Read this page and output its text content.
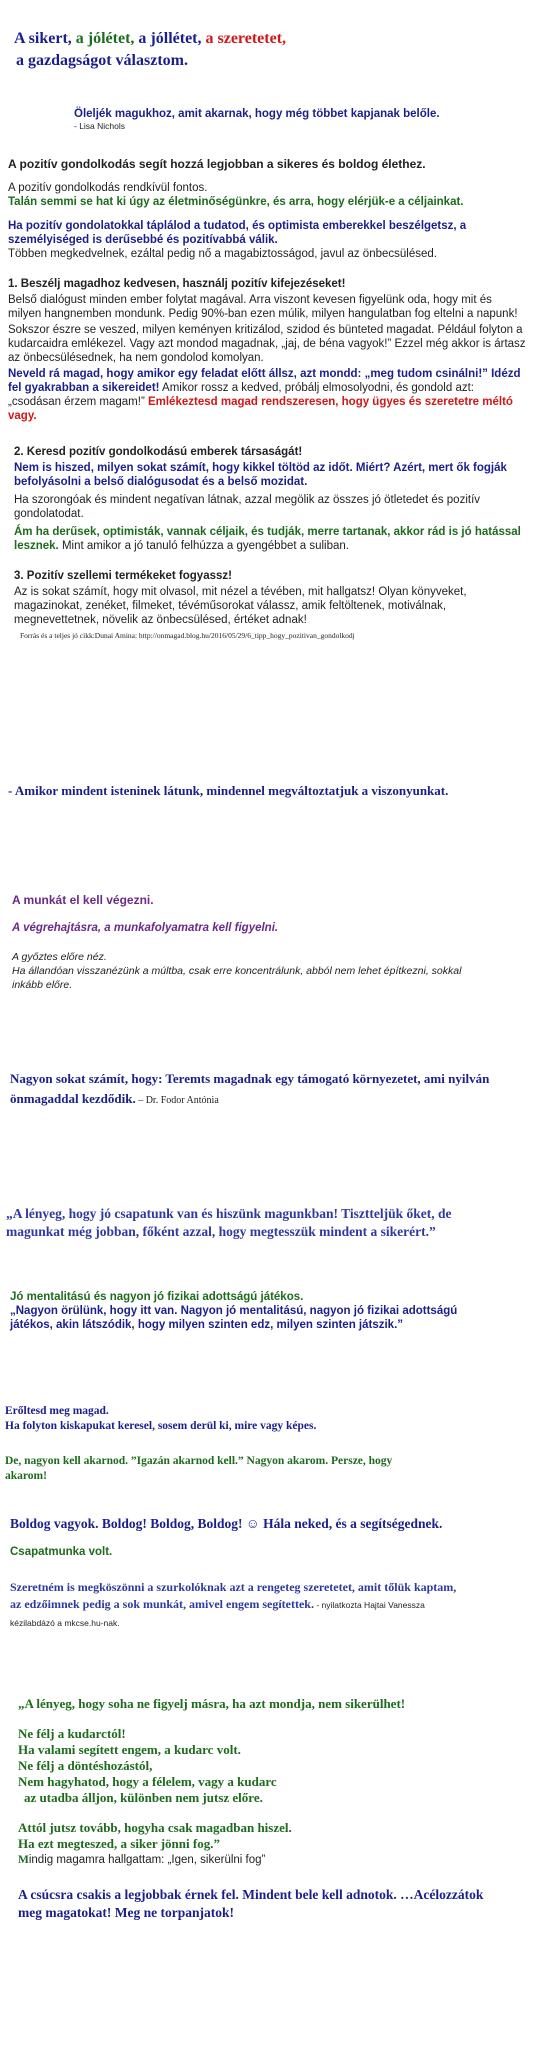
A sikert, a jólétet, a jóllétet, a szeretetet,

a gazdagságot választom.

Öleljék magukhoz, amit akarnak, hogy még többet kapjanak belőle.

- Lisa Nichols

A pozitív gondolkodás segít hozzá legjobban a sikeres és boldog élethez.

A pozitív gondolkodás rendkívül fontos.

Talán semmi se hat ki úgy az életminőségünkre, és arra, hogy elérjük-e a céljainkat.

Ha pozitív gondolatokkal táplálod a tudatod, és optimista emberekkel beszélgetsz, a személyiséged is derűsebbé és pozitívabbá válik.

Többen megkedvelnek, ezáltal pedig nő a magabiztosságod, javul az önbecsülésed.

1. Beszélj magadhoz kedvesen, használj pozitív kifejezéseket!

Belső dialógust minden ember folytat magával. Arra viszont kevesen figyelünk oda, hogy mit és milyen hangnemben mondunk. Pedig 90%-ban ezen múlik, milyen hangulatban fog eltelni a napunk!

Sokszor észre se veszed, milyen keményen kritizálod, szidod és bünteted magadat. Például folyton a kudarcaidra emlékezel. Vagy azt mondod magadnak, „jaj, de béna vagyok!” Ezzel még akkor is ártasz az önbecsülésednek, ha nem gondolod komolyan.

Neveld rá magad, hogy amikor egy feladat előtt állsz, azt mondd: „meg tudom csinálni!” Idézd fel gyakrabban a sikereidet! Amikor rossz a kedved, próbálj elmosolyodni, és gondold azt: „csodásan érzem magam!” Emlékeztesd magad rendszeresen, hogy ügyes és szeretetre méltó vagy.

2. Keresd pozitív gondolkodású emberek társaságát!

Nem is hiszed, milyen sokat számít, hogy kikkel töltöd az időt. Miért? Azért, mert ők fogják befolyásolni a belső dialógusodat és a belső mozidat.

Ha szorongóak és mindent negatívan látnak, azzal megölik az összes jó ötletedet és pozitív gondolatodat.

Ám ha derűsek, optimisták, vannak céljaik, és tudják, merre tartanak, akkor rád is jó hatással lesznek. Mint amikor a jó tanuló felhúzza a gyengébbet a suliban.

3. Pozitív szellemi termékeket fogyassz!

Az is sokat számít, hogy mit olvasol, mit nézel a tévében, mit hallgatsz! Olyan könyveket, magazinokat, zenéket, filmeket, tévéműsorokat válassz, amik feltöltenek, motiválnak, megnevettetnek, növelik az önbecsülésed, értéket adnak!

Forrás és a teljes jó cikk:Dunai Amina: http://onmagad.blog.hu/2016/05/29/6_tipp_hogy_pozitivan_gondolkodj

- Amikor mindent isteninek látunk, mindennel megváltoztatjuk a viszonyunkat.

A munkát el kell végezni.

A végrehajtásra, a munkafolyamatra kell figyelni.

A győztes előre néz.

Ha állandóan visszanézünk a múltba, csak erre koncentrálunk, abból nem lehet építkezni, sokkal inkább előre.

Nagyon sokat számít, hogy: Teremts magadnak egy támogató környezetet, ami nyilván önmagaddal kezdődik. – Dr. Fodor Antónia
„A lényeg, hogy jó csapatunk van és hiszünk magunkban! Tisztteljük őket, de magunkat még jobban, főként azzal, hogy megtesszük mindent a sikerért.”

Jó mentalitású és nagyon jó fizikai adottságú játékos.

„Nagyon örülünk, hogy itt van. Nagyon jó mentalitású, nagyon jó fizikai adottságú játékos, akin látszódik, hogy milyen szinten edz, milyen szinten játszik.”

Erőltesd meg magad.

Ha folyton kiskapukat keresel, sosem derül ki, mire vagy képes.

De, nagyon kell akarnod. ”Igazán akarnod kell.” Nagyon akarom. Persze, hogy akarom!

Boldog vagyok. Boldog! Boldog, Boldog! ☺ Hála neked, és a segítségednek.

Csapatmunka volt.

Szeretném is megköszönni a szurkolóknak azt a rengeteg szeretetet, amit tőlük kaptam, az edzőimnek pedig a sok munkát, amivel engem segítettek. - nyilatkozta Hajtai Vanessza kézilabdázó a mkcse.hu-nak.

„A lényeg, hogy soha ne figyelj másra, ha azt mondja, nem sikerülhet!

Ne félj a kudarctól!

Ha valami segített engem, a kudarc volt.

Ne félj a döntéshozástól,

Nem hagyhatod, hogy a félelem, vagy a kudarc

az utadba álljon, különben nem jutsz előre.

Attól jutsz tovább, hogyha csak magadban hiszel.

Ha ezt megteszed, a siker jönni fog.”

Mindig magamra hallgattam: „Igen, sikerülni fog”

A csúcsra csakis a legjobbak érnek fel. Mindent bele kell adnotok. …Acélozzátok meg magatokat! Meg ne torpanjatok!
